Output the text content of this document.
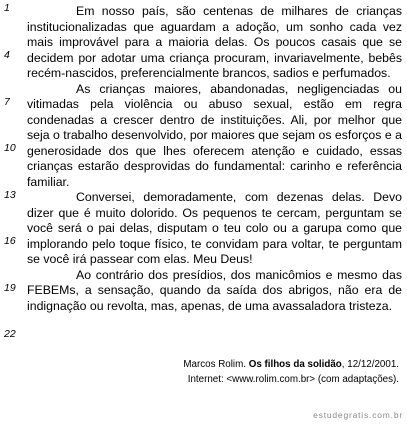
1
4
7
10
13
16
19
22

Em nosso país, são centenas de milhares de crianças institucionalizadas que aguardam a adoção, um sonho cada vez mais improvável para a maioria delas. Os poucos casais que se decidem por adotar uma criança procuram, invariavelmente, bebês recém-nascidos, preferencialmente brancos, sadios e perfumados.

As crianças maiores, abandonadas, negligenciadas ou vitimadas pela violência ou abuso sexual, estão em regra condenadas a crescer dentro de instituições. Ali, por melhor que seja o trabalho desenvolvido, por maiores que sejam os esforços e a generosidade dos que lhes oferecem atenção e cuidado, essas crianças estarão desprovidas do fundamental: carinho e referência familiar.

Conversei, demoradamente, com dezenas delas. Devo dizer que é muito dolorido. Os pequenos te cercam, perguntam se você será o pai delas, disputam o teu colo ou a garupa como que implorando pelo toque físico, te convidam para voltar, te perguntam se você irá passear com elas. Meu Deus!

Ao contrário dos presídios, dos manicômios e mesmo das FEBEMs, a sensação, quando da saída dos abrigos, não era de indignação ou revolta, mas, apenas, de uma avassaladora tristeza.

Marcos Rolim. Os filhos da solidão, 12/12/2001.
Internet: <www.rolim.com.br> (com adaptações).
estudegratis.com.br
